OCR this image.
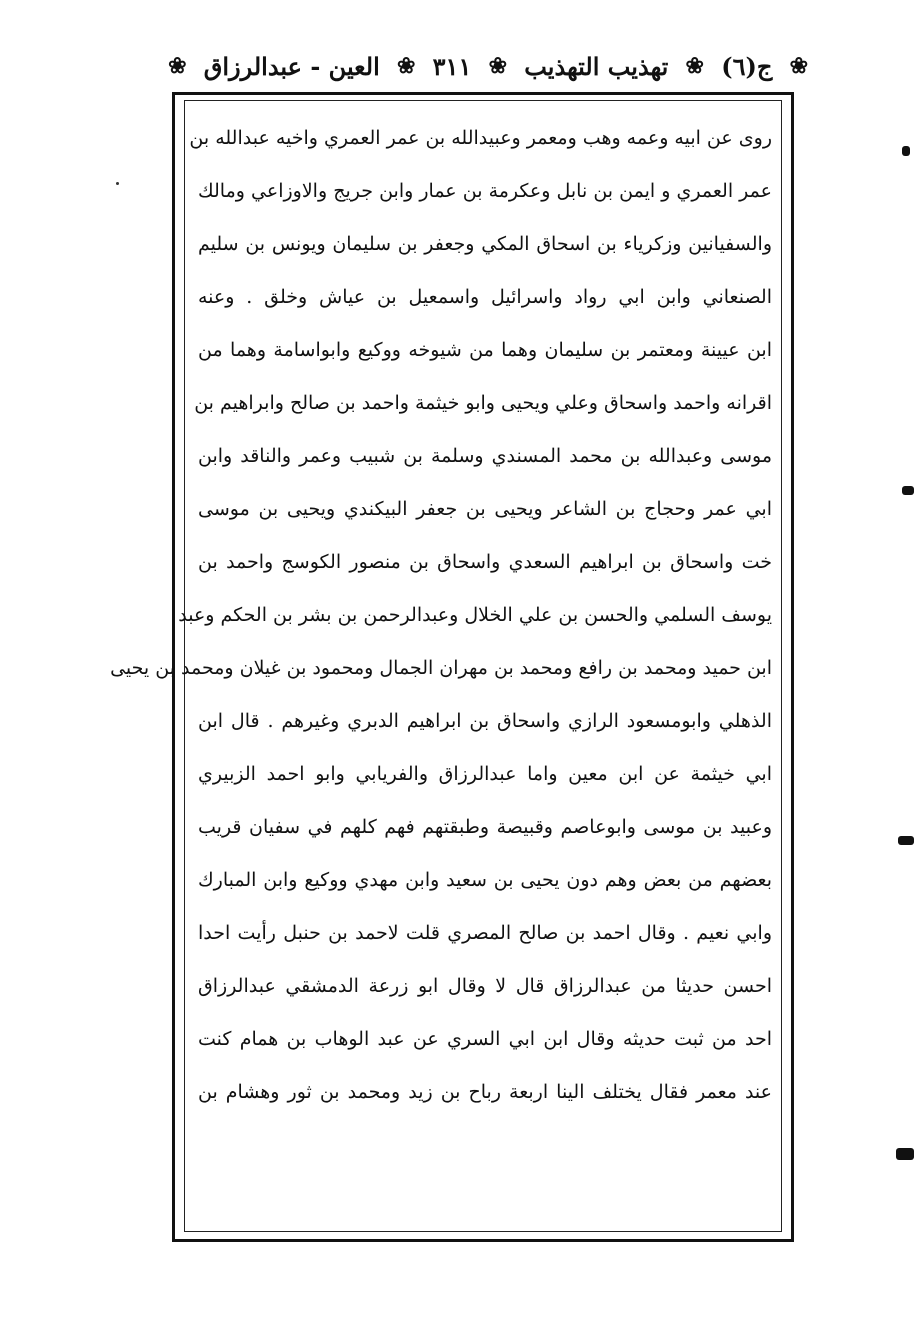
❀
ج(٦)
❀
تهذيب التهذيب
❀
٣١١
❀
العين - عبدالرزاق
❀
روى عن ابيه وعمه وهب ومعمر وعبيدالله بن عمر العمري واخيه عبدالله بن
عمر العمري و ايمن بن نابل وعكرمة بن عمار وابن جريج والاوزاعي ومالك
والسفيانين وزكرياء بن اسحاق المكي وجعفر بن سليمان ويونس بن سليم
الصنعاني وابن ابي رواد واسرائيل واسمعيل بن عياش وخلق . وعنه
ابن عيينة ومعتمر بن سليمان وهما من شيوخه ووكيع وابواسامة وهما من
اقرانه واحمد واسحاق وعلي ويحيى وابو خيثمة واحمد بن صالح وابراهيم بن
موسى وعبدالله بن محمد المسندي وسلمة بن شبيب وعمر والناقد وابن
ابي عمر وحجاج بن الشاعر ويحيى بن جعفر البيكندي ويحيى بن موسى
خت واسحاق بن ابراهيم السعدي واسحاق بن منصور الكوسج واحمد بن
يوسف السلمي والحسن بن علي الخلال وعبدالرحمن بن بشر بن الحكم وعبد
ابن حميد ومحمد بن رافع ومحمد بن مهران الجمال ومحمود بن غيلان ومحمد بن يحيى
الذهلي وابومسعود الرازي واسحاق بن ابراهيم الدبري وغيرهم . قال ابن
ابي خيثمة عن ابن معين واما عبدالرزاق والفريابي وابو احمد الزبيري
وعبيد بن موسى وابوعاصم وقبيصة وطبقتهم فهم كلهم في سفيان قريب
بعضهم من بعض وهم دون يحيى بن سعيد وابن مهدي ووكيع وابن المبارك
وابي نعيم . وقال احمد بن صالح المصري قلت لاحمد بن حنبل رأيت احدا
احسن حديثا من عبدالرزاق قال لا وقال ابو زرعة الدمشقي عبدالرزاق
احد من ثبت حديثه وقال ابن ابي السري عن عبد الوهاب بن همام كنت
عند معمر فقال يختلف الينا اربعة رباح بن زيد ومحمد بن ثور وهشام بن
